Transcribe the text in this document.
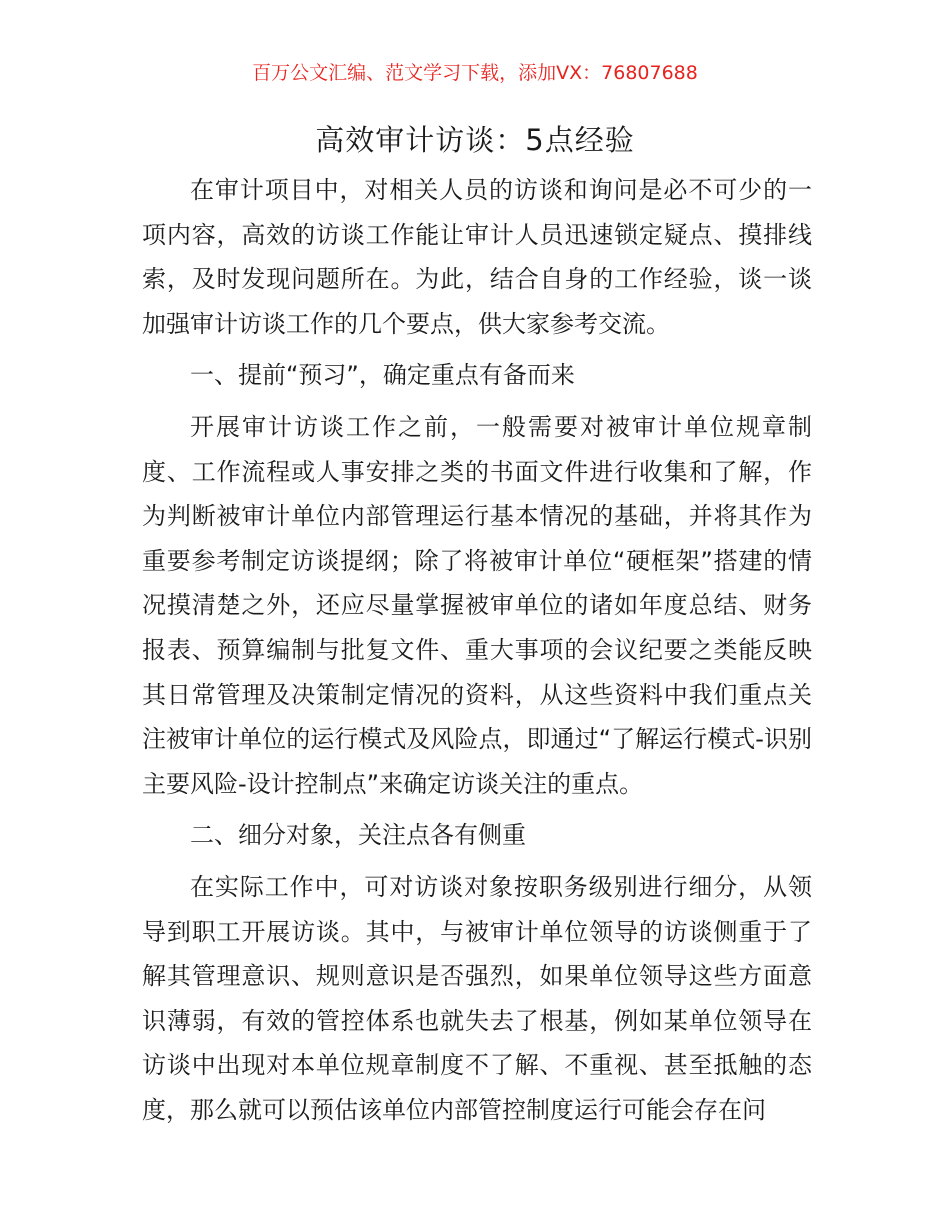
百万公文汇编、范文学习下载，添加VX：76807688
高效审计访谈：5点经验

在审计项目中，对相关人员的访谈和询问是必不可少的一项内容，高效的访谈工作能让审计人员迅速锁定疑点、摸排线索，及时发现问题所在。为此，结合自身的工作经验，谈一谈加强审计访谈工作的几个要点，供大家参考交流。

一、提前“预习”，确定重点有备而来

开展审计访谈工作之前，一般需要对被审计单位规章制度、工作流程或人事安排之类的书面文件进行收集和了解，作为判断被审计单位内部管理运行基本情况的基础，并将其作为重要参考制定访谈提纲；除了将被审计单位“硬框架”搭建的情况摸清楚之外，还应尽量掌握被审单位的诸如年度总结、财务报表、预算编制与批复文件、重大事项的会议纪要之类能反映其日常管理及决策制定情况的资料，从这些资料中我们重点关注被审计单位的运行模式及风险点，即通过“了解运行模式-识别主要风险-设计控制点”来确定访谈关注的重点。

二、细分对象，关注点各有侧重

在实际工作中，可对访谈对象按职务级别进行细分，从领导到职工开展访谈。其中，与被审计单位领导的访谈侧重于了解其管理意识、规则意识是否强烈，如果单位领导这些方面意识薄弱，有效的管控体系也就失去了根基，例如某单位领导在访谈中出现对本单位规章制度不了解、不重视、甚至抵触的态度，那么就可以预估该单位内部管控制度运行可能会存在问
